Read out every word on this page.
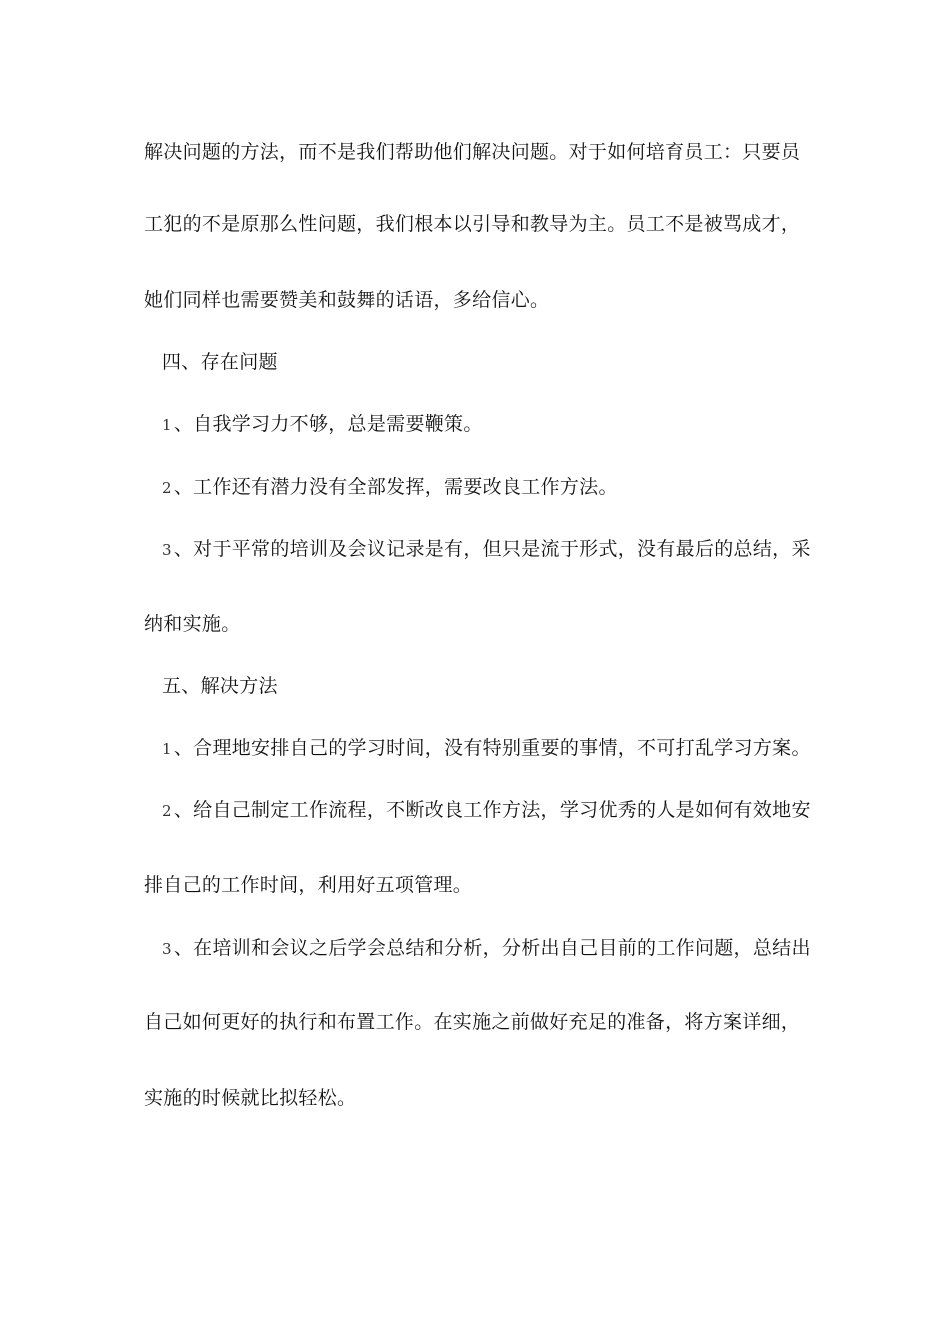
解决问题的方法，而不是我们帮助他们解决问题。对于如何培育员工：只要员
工犯的不是原那么性问题，我们根本以引导和教导为主。员工不是被骂成才，
她们同样也需要赞美和鼓舞的话语，多给信心。
四、存在问题
1 、自我学习力不够，总是需要鞭策。
2 、工作还有潜力没有全部发挥，需要改良工作方法。
3 、对于平常的培训及会议记录是有，但只是流于形式，没有最后的总结，采
纳和实施。
五、解决方法
1 、合理地安排自己的学习时间，没有特别重要的事情，不可打乱学习方案。
2 、给自己制定工作流程，不断改良工作方法，学习优秀的人是如何有效地安
排自己的工作时间，利用好五项管理。
3 、在培训和会议之后学会总结和分析，分析出自己目前的工作问题，总结出
自己如何更好的执行和布置工作。在实施之前做好充足的准备，将方案详细，
实施的时候就比拟轻松。
